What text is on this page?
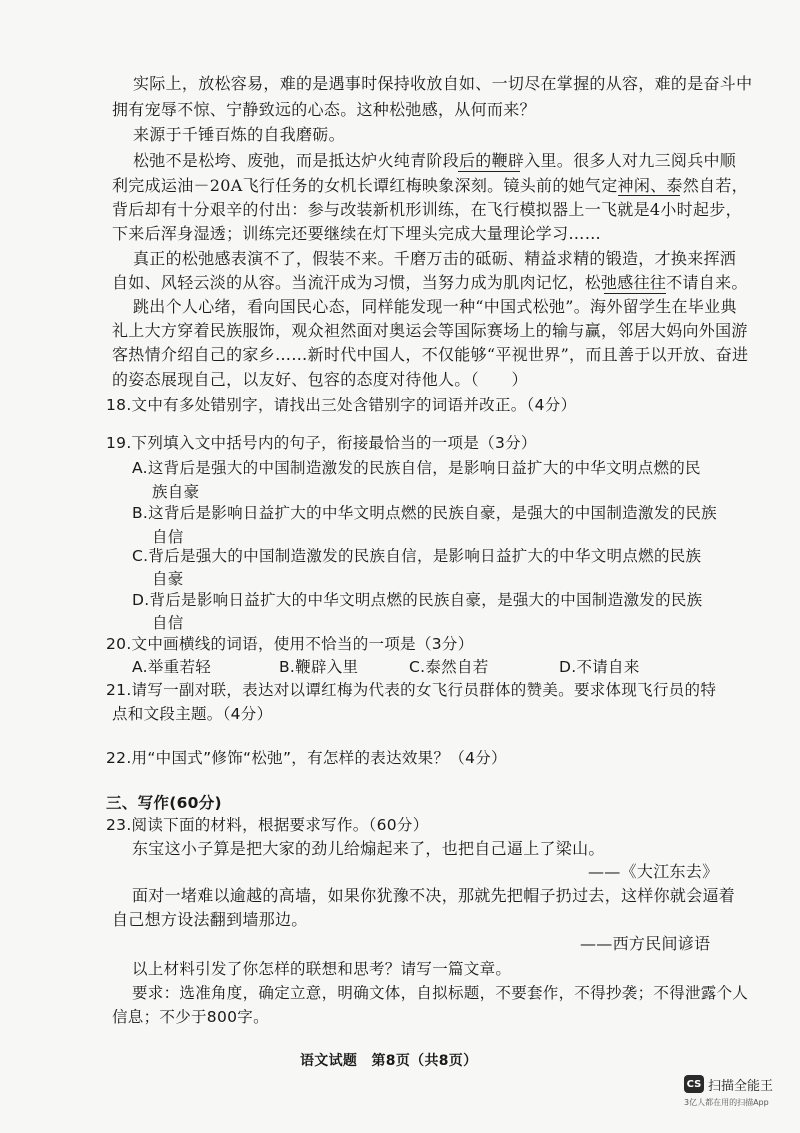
实际上，放松容易，难的是遇事时保持收放自如、一切尽在掌握的从容，难的是奋斗中
拥有宠辱不惊、宁静致远的心态。这种松弛感，从何而来？
来源于千锤百炼的自我磨砺。
松弛不是松垮、废弛，而是抵达炉火纯青阶段后的鞭辟入里。很多人对九三阅兵中顺
利完成运油－20A飞行任务的女机长谭红梅映象深刻。镜头前的她气定神闲、泰然自若，
背后却有十分艰辛的付出：参与改装新机形训练，在飞行模拟器上一飞就是4小时起步，
下来后浑身湿透；训练完还要继续在灯下埋头完成大量理论学习……
真正的松弛感表演不了，假装不来。千磨万击的砥砺、精益求精的锻造，才换来挥洒
自如、风轻云淡的从容。当流汗成为习惯，当努力成为肌肉记忆，松弛感往往不请自来。
跳出个人心绪，看向国民心态，同样能发现一种“中国式松弛”。海外留学生在毕业典
礼上大方穿着民族服饰，观众袒然面对奥运会等国际赛场上的输与赢，邻居大妈向外国游
客热情介绍自己的家乡……新时代中国人，不仅能够“平视世界”，而且善于以开放、奋进
的姿态展现自己，以友好、包容的态度对待他人。（　　）
18.文中有多处错别字，请找出三处含错别字的词语并改正。（4分）
19.下列填入文中括号内的句子，衔接最恰当的一项是（3分）
A.这背后是强大的中国制造激发的民族自信，是影响日益扩大的中华文明点燃的民
族自豪
B.这背后是影响日益扩大的中华文明点燃的民族自豪，是强大的中国制造激发的民族
自信
C.背后是强大的中国制造激发的民族自信，是影响日益扩大的中华文明点燃的民族
自豪
D.背后是影响日益扩大的中华文明点燃的民族自豪，是强大的中国制造激发的民族
自信
20.文中画横线的词语，使用不恰当的一项是（3分）
A.举重若轻	B.鞭辟入里	C.泰然自若	D.不请自来
21.请写一副对联，表达对以谭红梅为代表的女飞行员群体的赞美。要求体现飞行员的特
点和文段主题。（4分）
22.用“中国式”修饰“松弛”，有怎样的表达效果？（4分）
三、写作(60分)
23.阅读下面的材料，根据要求写作。（60分）
东宝这小子算是把大家的劲儿给煽起来了，也把自己逼上了梁山。
——《大江东去》
面对一堵难以逾越的高墙，如果你犹豫不决，那就先把帽子扔过去，这样你就会逼着
自己想方设法翻到墙那边。
——西方民间谚语
以上材料引发了你怎样的联想和思考？请写一篇文章。
要求：选准角度，确定立意，明确文体，自拟标题，不要套作，不得抄袭；不得泄露个人
信息；不少于800字。
语文试题　第8页（共8页）
CS 扫描全能王
3亿人都在用的扫描App
